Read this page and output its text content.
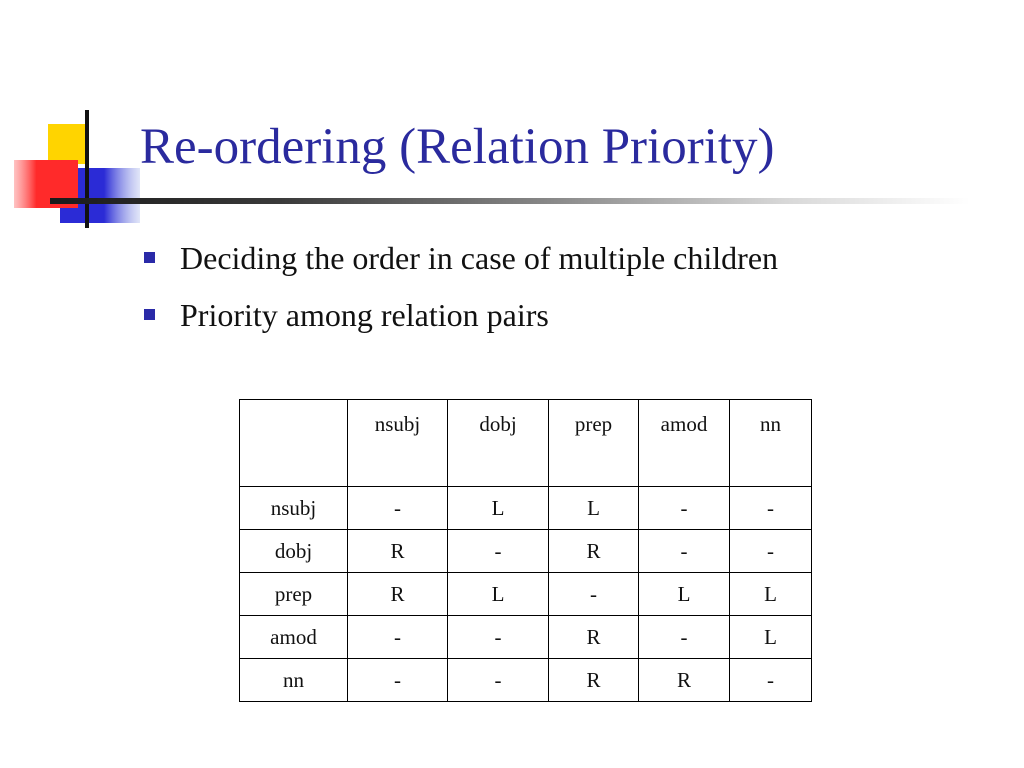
Re-ordering (Relation Priority)
Deciding the order in case of multiple children
Priority among relation pairs
	nsubj	dobj	prep	amod	nn
nsubj	-	L	L	-	-
dobj	R	-	R	-	-
prep	R	L	-	L	L
amod	-	-	R	-	L
nn	-	-	R	R	-
